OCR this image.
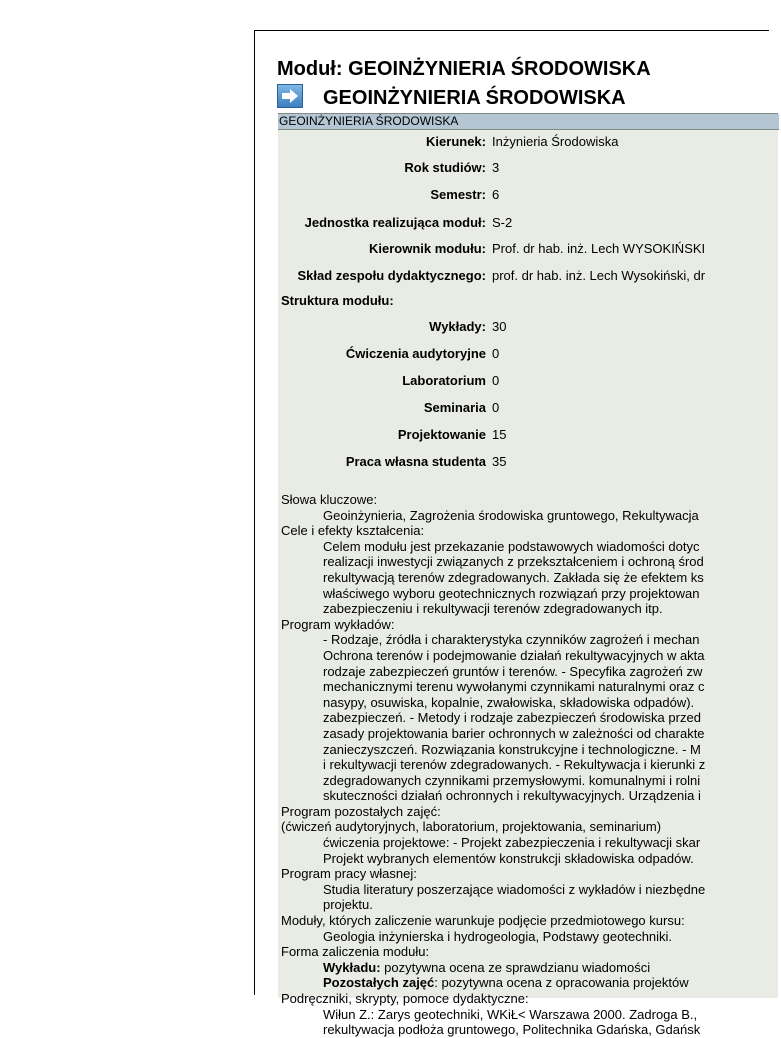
Moduł: GEOINŻYNIERIA ŚRODOWISKA
GEOINŻYNIERIA ŚRODOWISKA
GEOINŻYNIERIA ŚRODOWISKA
Kierunek: Inżynieria Środowiska
Rok studiów: 3
Semestr: 6
Jednostka realizująca moduł: S-2
Kierownik modułu: Prof. dr hab. inż. Lech WYSOKIŃSKI
Skład zespołu dydaktycznego: prof. dr hab. inż. Lech Wysokiński, dr
Struktura modułu:
Wykłady: 30
Ćwiczenia audytoryjne 0
Laboratorium 0
Seminaria 0
Projektowanie 15
Praca własna studenta 35
Słowa kluczowe:
Geoinżynieria, Zagrożenia środowiska gruntowego, Rekultywacja
Cele i efekty kształcenia:
Celem modułu jest przekazanie podstawowych wiadomości dotyc
realizacji inwestycji związanych z przekształceniem i ochroną środ
rekultywacją terenów zdegradowanych. Zakłada się że efektem ks
właściwego wyboru geotechnicznych rozwiązań przy projektowan
zabezpieczeniu i rekultywacji terenów zdegradowanych itp.
Program wykładów:
- Rodzaje, źródła i charakterystyka czynników zagrożeń i mechan
Ochrona terenów i podejmowanie działań rekultywacyjnych w akta
rodzaje zabezpieczeń gruntów i terenów. - Specyfika zagrożeń zw
mechanicznymi terenu wywołanymi czynnikami naturalnymi oraz c
nasypy, osuwiska, kopalnie, zwałowiska, składowiska odpadów).
zabezpieczeń. - Metody i rodzaje zabezpieczeń środowiska przed
zasady projektowania barier ochronnych w zależności od charakte
zanieczyszczeń. Rozwiązania konstrukcyjne i technologiczne. - M
i rekultywacji terenów zdegradowanych. - Rekultywacja i kierunki z
zdegradowanych czynnikami przemysłowymi. komunalnymi i rolni
skuteczności działań ochronnych i rekultywacyjnych. Urządzenia i
Program pozostałych zajęć:
(ćwiczeń audytoryjnych, laboratorium, projektowania, seminarium)
ćwiczenia projektowe: - Projekt zabezpieczenia i rekultywacji skar
Projekt wybranych elementów konstrukcji składowiska odpadów.
Program pracy własnej:
Studia literatury poszerzające wiadomości z wykładów i niezbędne
projektu.
Moduły, których zaliczenie warunkuje podjęcie przedmiotowego kursu:
Geologia inżynierska i hydrogeologia, Podstawy geotechniki.
Forma zaliczenia modułu:
Wykładu: pozytywna ocena ze sprawdzianu wiadomości
Pozostałych zajęć: pozytywna ocena z opracowania projektów
Podręczniki, skrypty, pomoce dydaktyczne:
Wiłun Z.: Zarys geotechniki, WKiŁ< Warszawa 2000. Zadroga B.,
rekultywacja podłoża gruntowego, Politechnika Gdańska, Gdańsk
